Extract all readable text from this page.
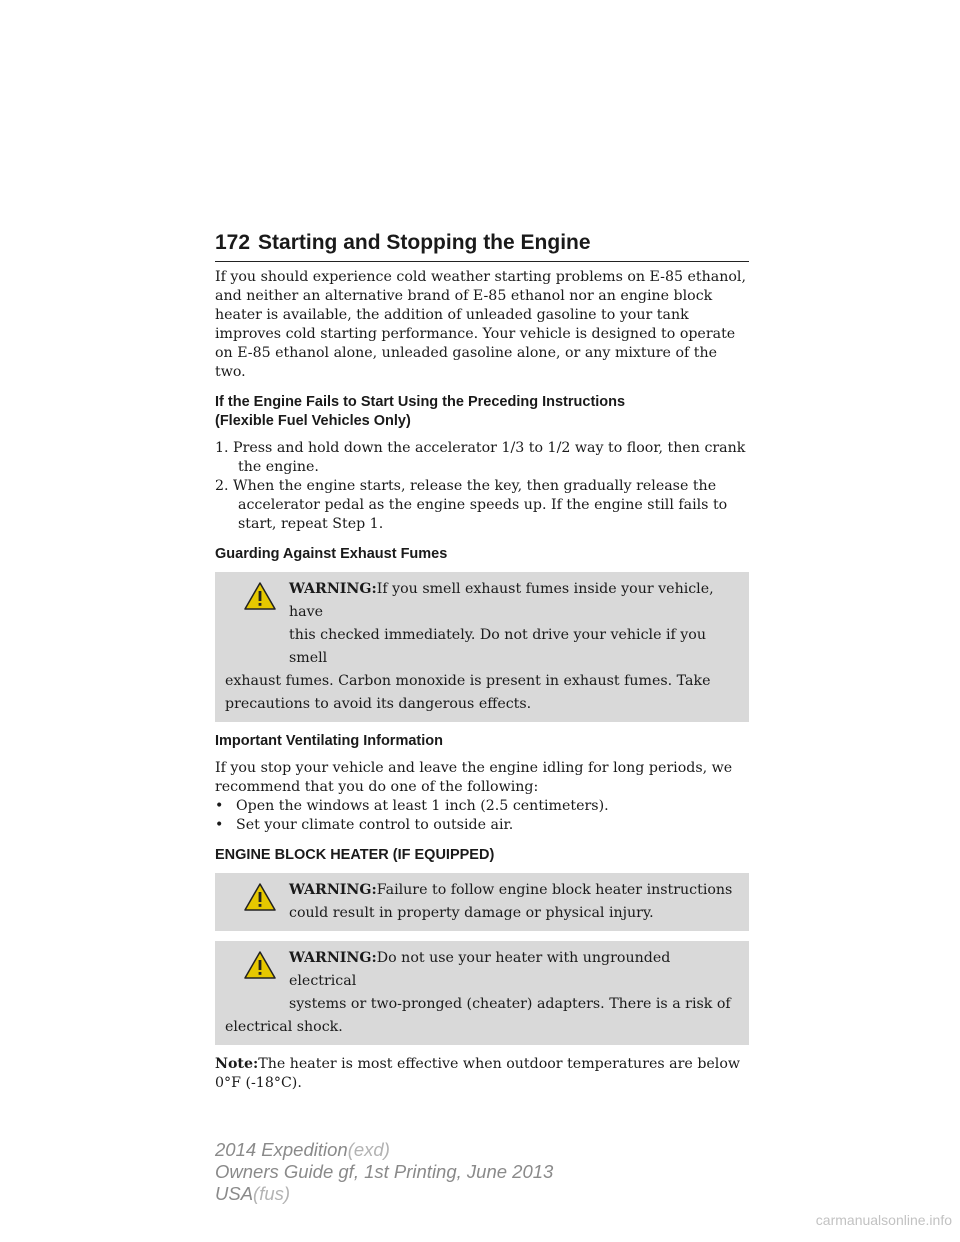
172 Starting and Stopping the Engine

If you should experience cold weather starting problems on E-85 ethanol, and neither an alternative brand of E-85 ethanol nor an engine block heater is available, the addition of unleaded gasoline to your tank improves cold starting performance. Your vehicle is designed to operate on E-85 ethanol alone, unleaded gasoline alone, or any mixture of the two.

If the Engine Fails to Start Using the Preceding Instructions
(Flexible Fuel Vehicles Only)
1. Press and hold down the accelerator 1/3 to 1/2 way to floor, then crank the engine.
2. When the engine starts, release the key, then gradually release the accelerator pedal as the engine speeds up. If the engine still fails to start, repeat Step 1.
Guarding Against Exhaust Fumes
WARNING:If you smell exhaust fumes inside your vehicle, have
this checked immediately. Do not drive your vehicle if you smell
exhaust fumes. Carbon monoxide is present in exhaust fumes. Take precautions to avoid its dangerous effects.
Important Ventilating Information

If you stop your vehicle and leave the engine idling for long periods, we recommend that you do one of the following:

• Open the windows at least 1 inch (2.5 centimeters).
• Set your climate control to outside air.
ENGINE BLOCK HEATER (IF EQUIPPED)
WARNING:Failure to follow engine block heater instructions
could result in property damage or physical injury.
WARNING:Do not use your heater with ungrounded electrical
systems or two-pronged (cheater) adapters. There is a risk of
electrical shock.

Note:The heater is most effective when outdoor temperatures are below 0°F (-18°C).

2014 Expedition(exd)
Owners Guide gf, 1st Printing, June 2013
USA(fus)
carmanualsonline.info
